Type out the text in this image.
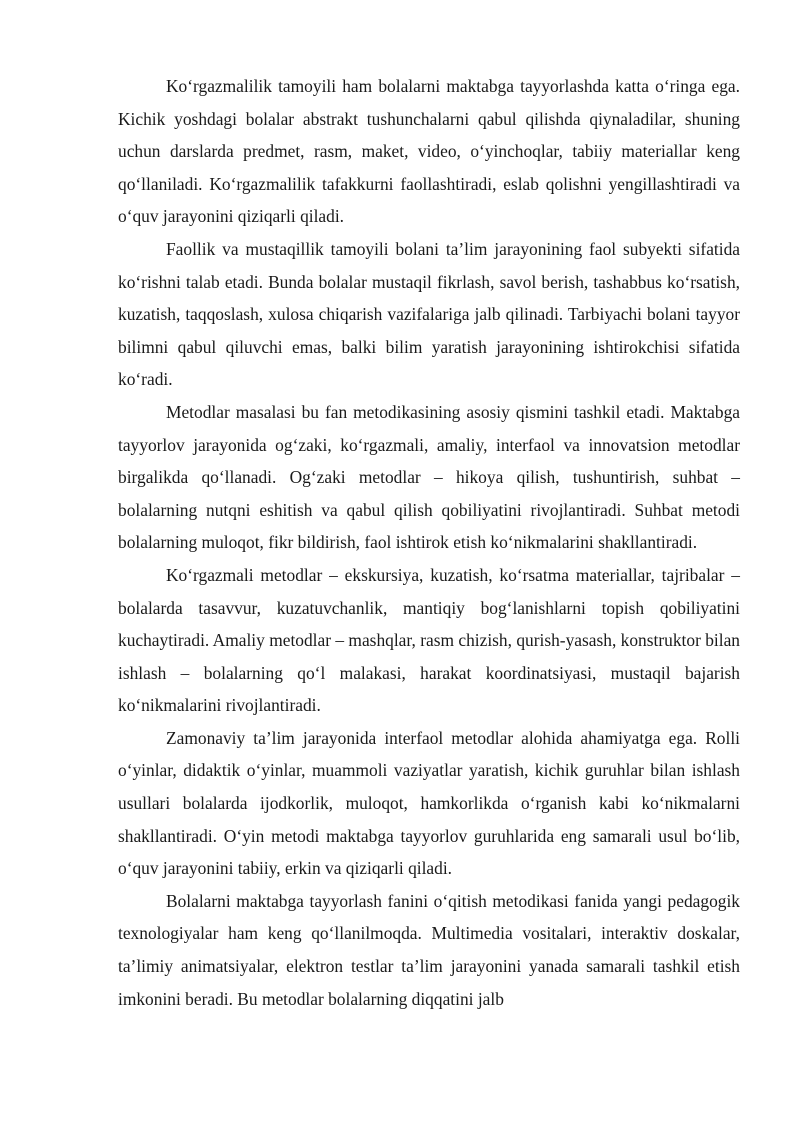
Ko‘rgazmalilik tamoyili ham bolalarni maktabga tayyorlashda katta o‘ringa ega. Kichik yoshdagi bolalar abstrakt tushunchalarni qabul qilishda qiynaladilar, shuning uchun darslarda predmet, rasm, maket, video, o‘yinchoqlar, tabiiy materiallar keng qo‘llaniladi. Ko‘rgazmalilik tafakkurni faollashtiradi, eslab qolishni yengillashtiradi va o‘quv jarayonini qiziqarli qiladi.

Faollik va mustaqillik tamoyili bolani ta’lim jarayonining faol subyekti sifatida ko‘rishni talab etadi. Bunda bolalar mustaqil fikrlash, savol berish, tashabbus ko‘rsatish, kuzatish, taqqoslash, xulosa chiqarish vazifalariga jalb qilinadi. Tarbiyachi bolani tayyor bilimni qabul qiluvchi emas, balki bilim yaratish jarayonining ishtirokchisi sifatida ko‘radi.

Metodlar masalasi bu fan metodikasining asosiy qismini tashkil etadi. Maktabga tayyorlov jarayonida og‘zaki, ko‘rgazmali, amaliy, interfaol va innovatsion metodlar birgalikda qo‘llanadi. Og‘zaki metodlar – hikoya qilish, tushuntirish, suhbat – bolalarning nutqni eshitish va qabul qilish qobiliyatini rivojlantiradi. Suhbat metodi bolalarning muloqot, fikr bildirish, faol ishtirok etish ko‘nikmalarini shakllantiradi.

Ko‘rgazmali metodlar – ekskursiya, kuzatish, ko‘rsatma materiallar, tajribalar – bolalarda tasavvur, kuzatuvchanlik, mantiqiy bog‘lanishlarni topish qobiliyatini kuchaytiradi. Amaliy metodlar – mashqlar, rasm chizish, qurish-yasash, konstruktor bilan ishlash – bolalarning qo‘l malakasi, harakat koordinatsiyasi, mustaqil bajarish ko‘nikmalarini rivojlantiradi.

Zamonaviy ta’lim jarayonida interfaol metodlar alohida ahamiyatga ega. Rolli o‘yinlar, didaktik o‘yinlar, muammoli vaziyatlar yaratish, kichik guruhlar bilan ishlash usullari bolalarda ijodkorlik, muloqot, hamkorlikda o‘rganish kabi ko‘nikmalarni shakllantiradi. O‘yin metodi maktabga tayyorlov guruhlarida eng samarali usul bo‘lib, o‘quv jarayonini tabiiy, erkin va qiziqarli qiladi.

Bolalarni maktabga tayyorlash fanini o‘qitish metodikasi fanida yangi pedagogik texnologiyalar ham keng qo‘llanilmoqda. Multimedia vositalari, interaktiv doskalar, ta’limiy animatsiyalar, elektron testlar ta’lim jarayonini yanada samarali tashkil etish imkonini beradi. Bu metodlar bolalarning diqqatini jalb
